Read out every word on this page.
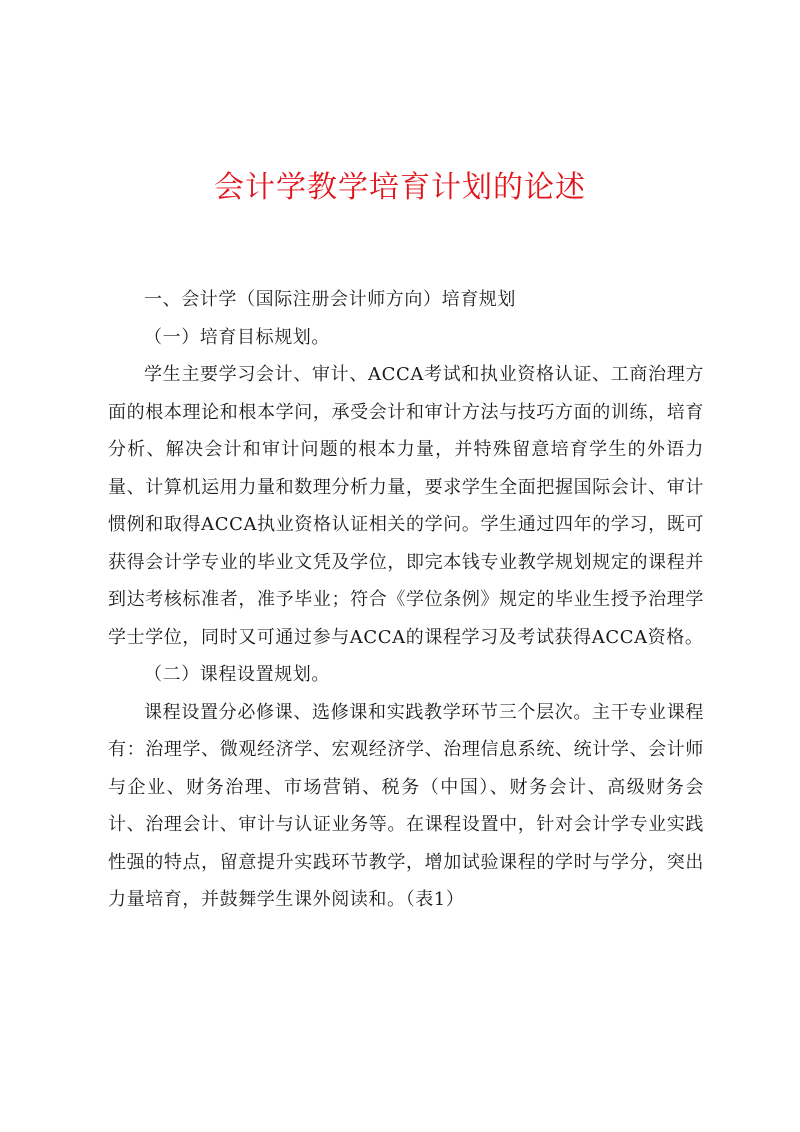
会计学教学培育计划的论述

一、会计学（国际注册会计师方向）培育规划

（一）培育目标规划。

学生主要学习会计、审计、ACCA考试和执业资格认证、工商治理方面的根本理论和根本学问，承受会计和审计方法与技巧方面的训练，培育分析、解决会计和审计问题的根本力量，并特殊留意培育学生的外语力量、计算机运用力量和数理分析力量，要求学生全面把握国际会计、审计惯例和取得ACCA执业资格认证相关的学问。学生通过四年的学习，既可获得会计学专业的毕业文凭及学位，即完本钱专业教学规划规定的课程并到达考核标准者，准予毕业；符合《学位条例》规定的毕业生授予治理学学士学位，同时又可通过参与ACCA的课程学习及考试获得ACCA资格。

（二）课程设置规划。

课程设置分必修课、选修课和实践教学环节三个层次。主干专业课程有：治理学、微观经济学、宏观经济学、治理信息系统、统计学、会计师与企业、财务治理、市场营销、税务（中国）、财务会计、高级财务会计、治理会计、审计与认证业务等。在课程设置中，针对会计学专业实践性强的特点，留意提升实践环节教学，增加试验课程的学时与学分，突出力量培育，并鼓舞学生课外阅读和。（表1）
